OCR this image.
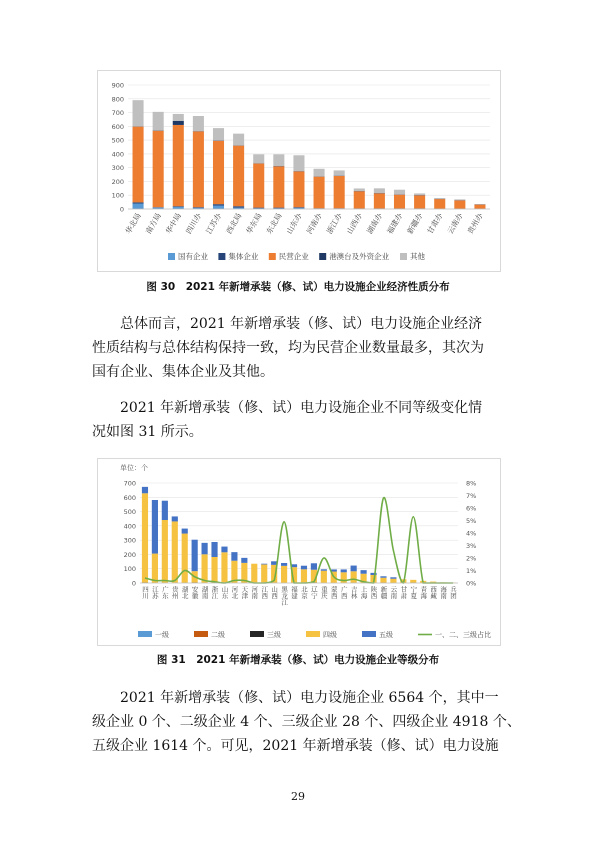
0
100
200
300
400
500
600
700
800
900
华北局 南方局 华中局 四川办 江苏办 西北局 华东局 东北局 山东办 河南办 浙江办 山西办 湖南办 福建办 新疆办 甘肃办 云南办 贵州办
国有企业	集体企业	民营企业	港澳台及外资企业	其他
图 30　2021 年新增承装（修、试）电力设施企业经济性质分布

总体而言，2021 年新增承装（修、试）电力设施企业经济
性质结构与总体结构保持一致，均为民营企业数量最多，其次为
国有企业、集体企业及其他。

2021 年新增承装（修、试）电力设施企业不同等级变化情
况如图 31 所示。

单位：个
0
100
200
300
400
500
600
700
0%
1%
2%
3%
4%
5%
6%
7%
8%
四川 江苏 广东 贵州 湖北 安徽 湖南 浙江 山东 河北 天津 河南 江西 山西 黑龙江 福建 北京 辽宁 重庆 蒙西 广西 吉林 上海 陕西 新疆 云南 甘肃 宁夏 青海 西藏 海南 兵团
一级	二级	三级	四级	五级	一、二、三级占比
图 31　2021 年新增承装（修、试）电力设施企业等级分布

2021 年新增承装（修、试）电力设施企业 6564 个，其中一
级企业 0 个、二级企业 4 个、三级企业 28 个、四级企业 4918 个、
五级企业 1614 个。可见，2021 年新增承装（修、试）电力设施

29
